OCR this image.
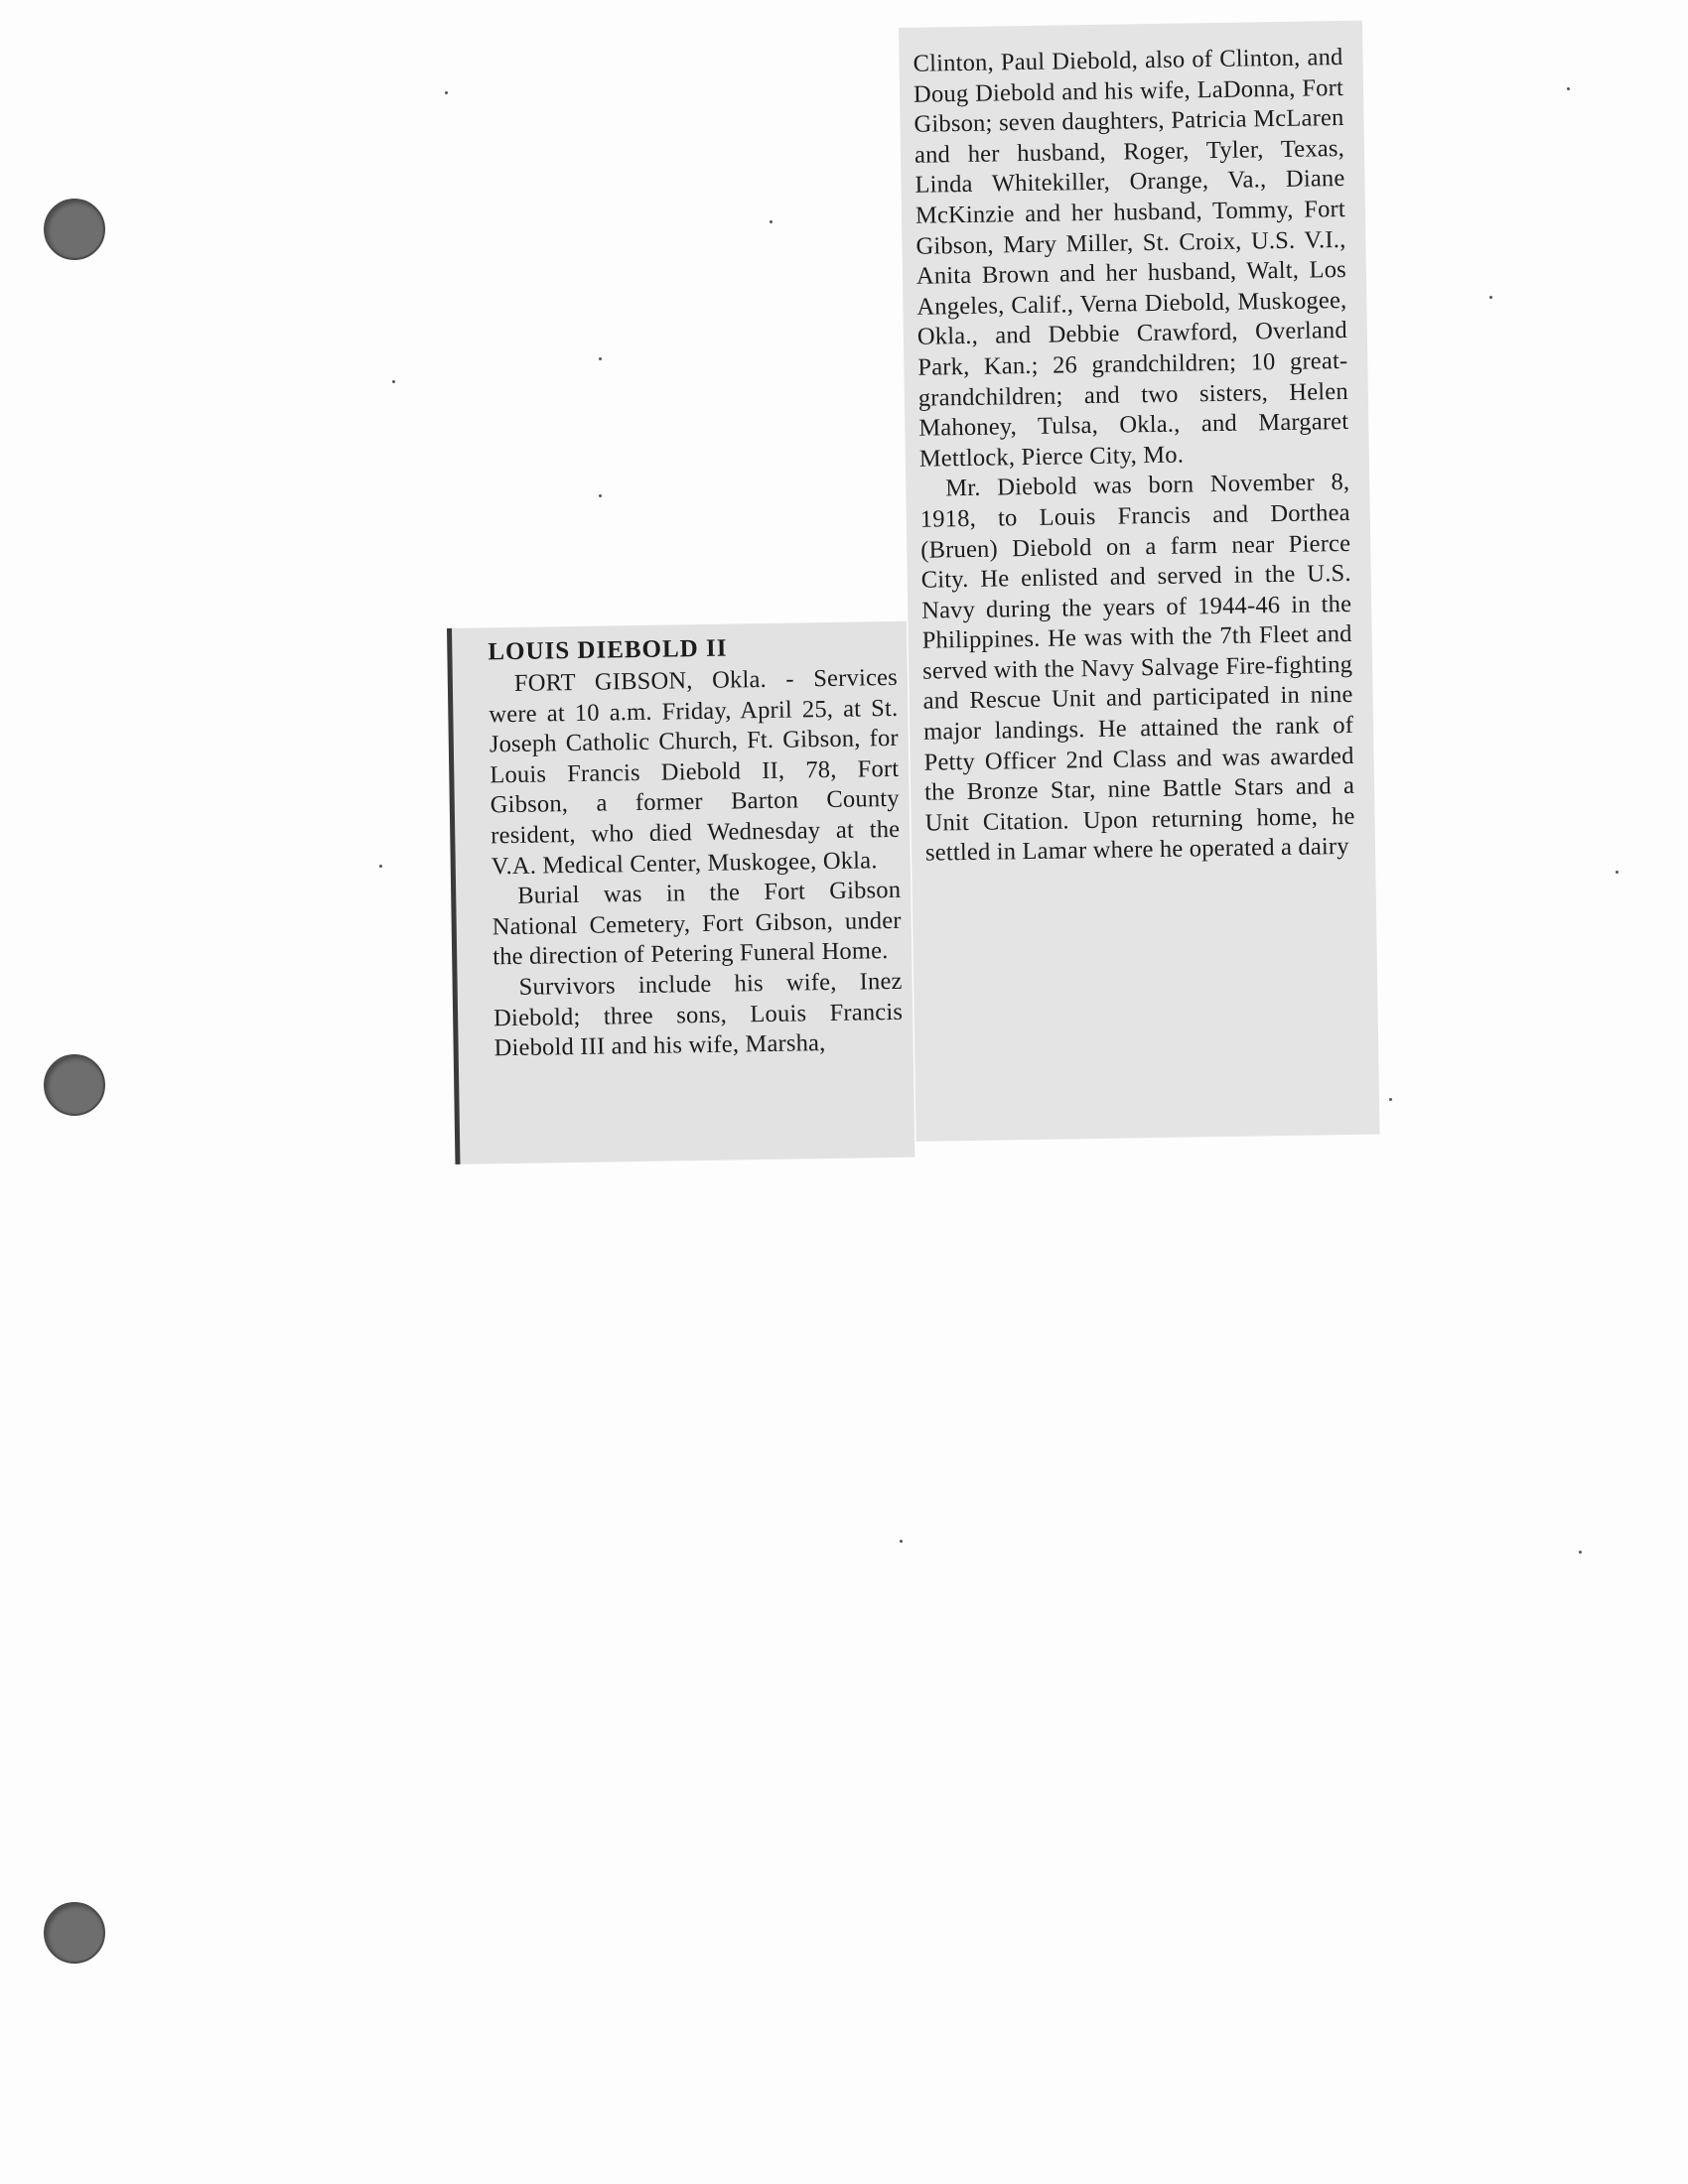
Clinton, Paul Diebold, also of Clinton, and Doug Diebold and his wife, LaDonna, Fort Gibson; seven daughters, Patricia McLaren and her husband, Roger, Tyler, Texas, Linda Whitekiller, Orange, Va., Diane McKinzie and her husband, Tommy, Fort Gibson, Mary Miller, St. Croix, U.S. V.I., Anita Brown and her husband, Walt, Los Angeles, Calif., Verna Diebold, Muskogee, Okla., and Debbie Crawford, Overland Park, Kan.; 26 grandchildren; 10 great-grandchildren; and two sisters, Helen Mahoney, Tulsa, Okla., and Margaret Mettlock, Pierce City, Mo.

Mr. Diebold was born November 8, 1918, to Louis Francis and Dorthea (Bruen) Diebold on a farm near Pierce City. He enlisted and served in the U.S. Navy during the years of 1944-46 in the Philippines. He was with the 7th Fleet and served with the Navy Salvage Fire-fighting and Rescue Unit and participated in nine major landings. He attained the rank of Petty Officer 2nd Class and was awarded the Bronze Star, nine Battle Stars and a Unit Citation. Upon returning home, he settled in Lamar where he operated a dairy

LOUIS DIEBOLD II

FORT GIBSON, Okla. - Services were at 10 a.m. Friday, April 25, at St. Joseph Catholic Church, Ft. Gibson, for Louis Francis Diebold II, 78, Fort Gibson, a former Barton County resident, who died Wednesday at the V.A. Medical Center, Muskogee, Okla.

Burial was in the Fort Gibson National Cemetery, Fort Gibson, under the direction of Petering Funeral Home.

Survivors include his wife, Inez Diebold; three sons, Louis Francis Diebold III and his wife, Marsha,
